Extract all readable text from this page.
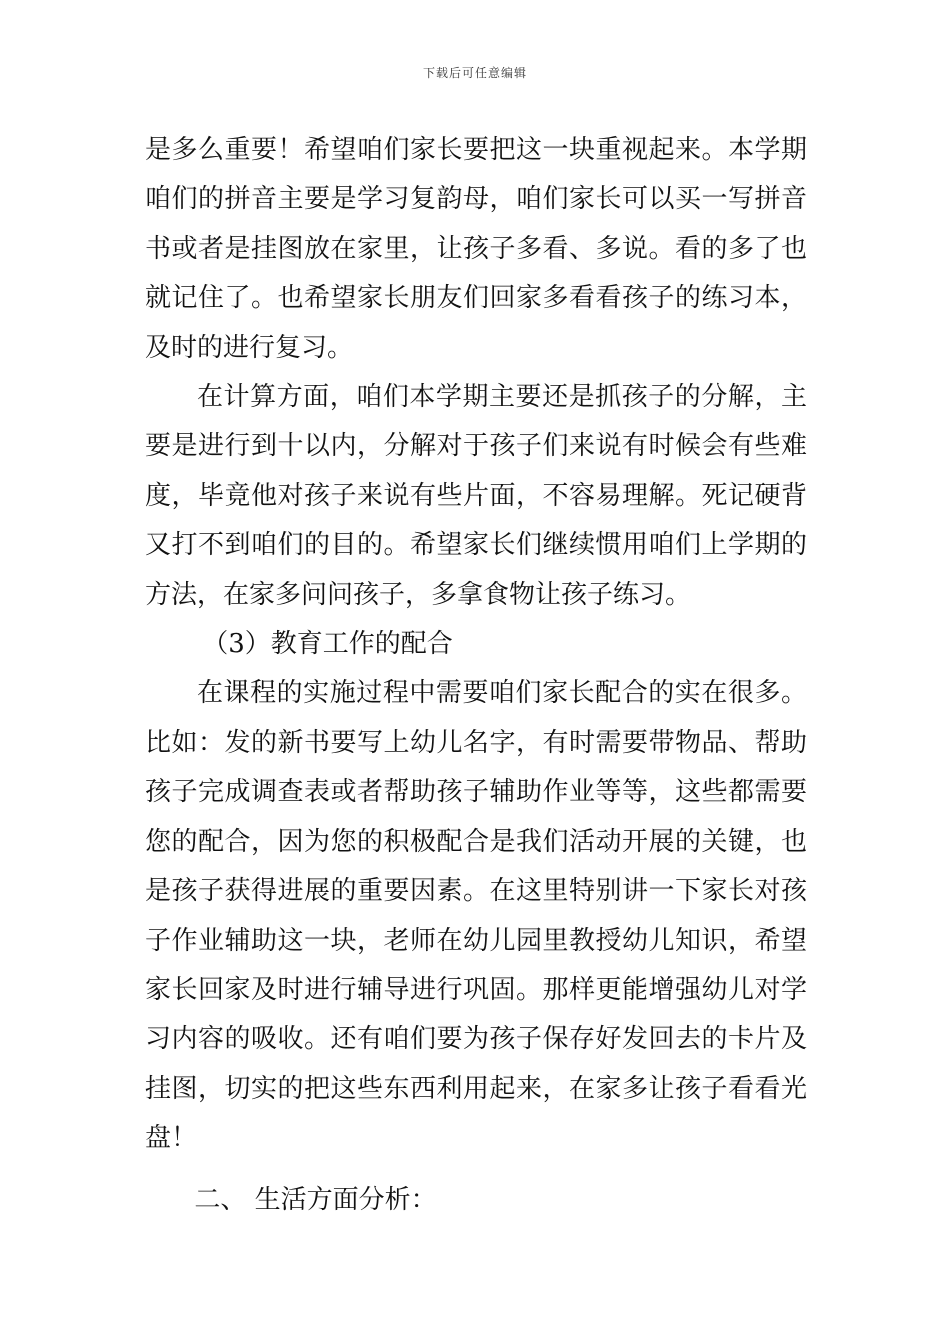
下载后可任意编辑

是多么重要！希望咱们家长要把这一块重视起来。本学期咱们的拼音主要是学习复韵母，咱们家长可以买一写拼音书或者是挂图放在家里，让孩子多看、多说。看的多了也就记住了。也希望家长朋友们回家多看看孩子的练习本，及时的进行复习。

在计算方面，咱们本学期主要还是抓孩子的分解，主要是进行到十以内，分解对于孩子们来说有时候会有些难度，毕竟他对孩子来说有些片面，不容易理解。死记硬背又打不到咱们的目的。希望家长们继续惯用咱们上学期的方法，在家多问问孩子，多拿食物让孩子练习。

（3）教育工作的配合

在课程的实施过程中需要咱们家长配合的实在很多。比如：发的新书要写上幼儿名字，有时需要带物品、帮助孩子完成调查表或者帮助孩子辅助作业等等，这些都需要您的配合，因为您的积极配合是我们活动开展的关键，也是孩子获得进展的重要因素。在这里特别讲一下家长对孩子作业辅助这一块，老师在幼儿园里教授幼儿知识，希望家长回家及时进行辅导进行巩固。那样更能增强幼儿对学习内容的吸收。还有咱们要为孩子保存好发回去的卡片及挂图，切实的把这些东西利用起来，在家多让孩子看看光盘！

二、 生活方面分析：
